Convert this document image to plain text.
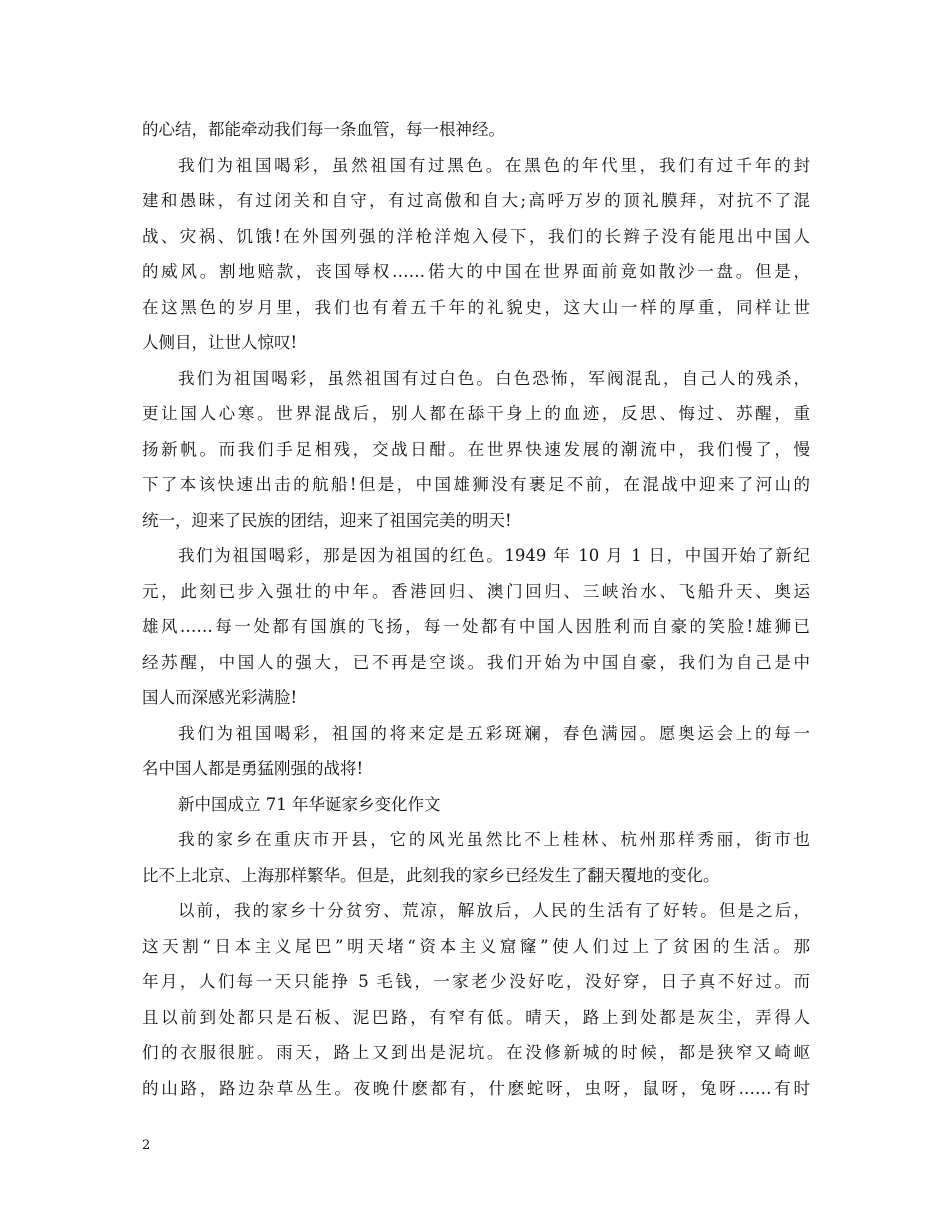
的心结，都能牵动我们每一条血管，每一根神经。
我们为祖国喝彩，虽然祖国有过黑色。在黑色的年代里，我们有过千年的封
建和愚昧，有过闭关和自守，有过高傲和自大;高呼万岁的顶礼膜拜，对抗不了混
战、灾祸、饥饿!在外国列强的洋枪洋炮入侵下，我们的长辫子没有能甩出中国人
的威风。割地赔款，丧国辱权……偌大的中国在世界面前竟如散沙一盘。但是，
在这黑色的岁月里，我们也有着五千年的礼貌史，这大山一样的厚重，同样让世
人侧目，让世人惊叹!
我们为祖国喝彩，虽然祖国有过白色。白色恐怖，军阀混乱，自己人的残杀，
更让国人心寒。世界混战后，别人都在舔干身上的血迹，反思、悔过、苏醒，重
扬新帆。而我们手足相残，交战日酣。在世界快速发展的潮流中，我们慢了，慢
下了本该快速出击的航船!但是，中国雄狮没有裹足不前，在混战中迎来了河山的
统一，迎来了民族的团结，迎来了祖国完美的明天!
我们为祖国喝彩，那是因为祖国的红色。1949 年 10 月 1 日，中国开始了新纪
元，此刻已步入强壮的中年。香港回归、澳门回归、三峡治水、飞船升天、奥运
雄风……每一处都有国旗的飞扬，每一处都有中国人因胜利而自豪的笑脸!雄狮已
经苏醒，中国人的强大，已不再是空谈。我们开始为中国自豪，我们为自己是中
国人而深感光彩满脸!
我们为祖国喝彩，祖国的将来定是五彩斑斓，春色满园。愿奥运会上的每一
名中国人都是勇猛刚强的战将!
新中国成立 71 年华诞家乡变化作文
我的家乡在重庆市开县，它的风光虽然比不上桂林、杭州那样秀丽，街市也
比不上北京、上海那样繁华。但是，此刻我的家乡已经发生了翻天覆地的变化。
以前，我的家乡十分贫穷、荒凉，解放后，人民的生活有了好转。但是之后，
这天割“日本主义尾巴”明天堵“资本主义窟窿”使人们过上了贫困的生活。那
年月，人们每一天只能挣 5 毛钱，一家老少没好吃，没好穿，日子真不好过。而
且以前到处都只是石板、泥巴路，有窄有低。晴天，路上到处都是灰尘，弄得人
们的衣服很脏。雨天，路上又到出是泥坑。在没修新城的时候，都是狭窄又崎岖
的山路，路边杂草丛生。夜晚什麽都有，什麽蛇呀，虫呀，鼠呀，兔呀……有时
2
